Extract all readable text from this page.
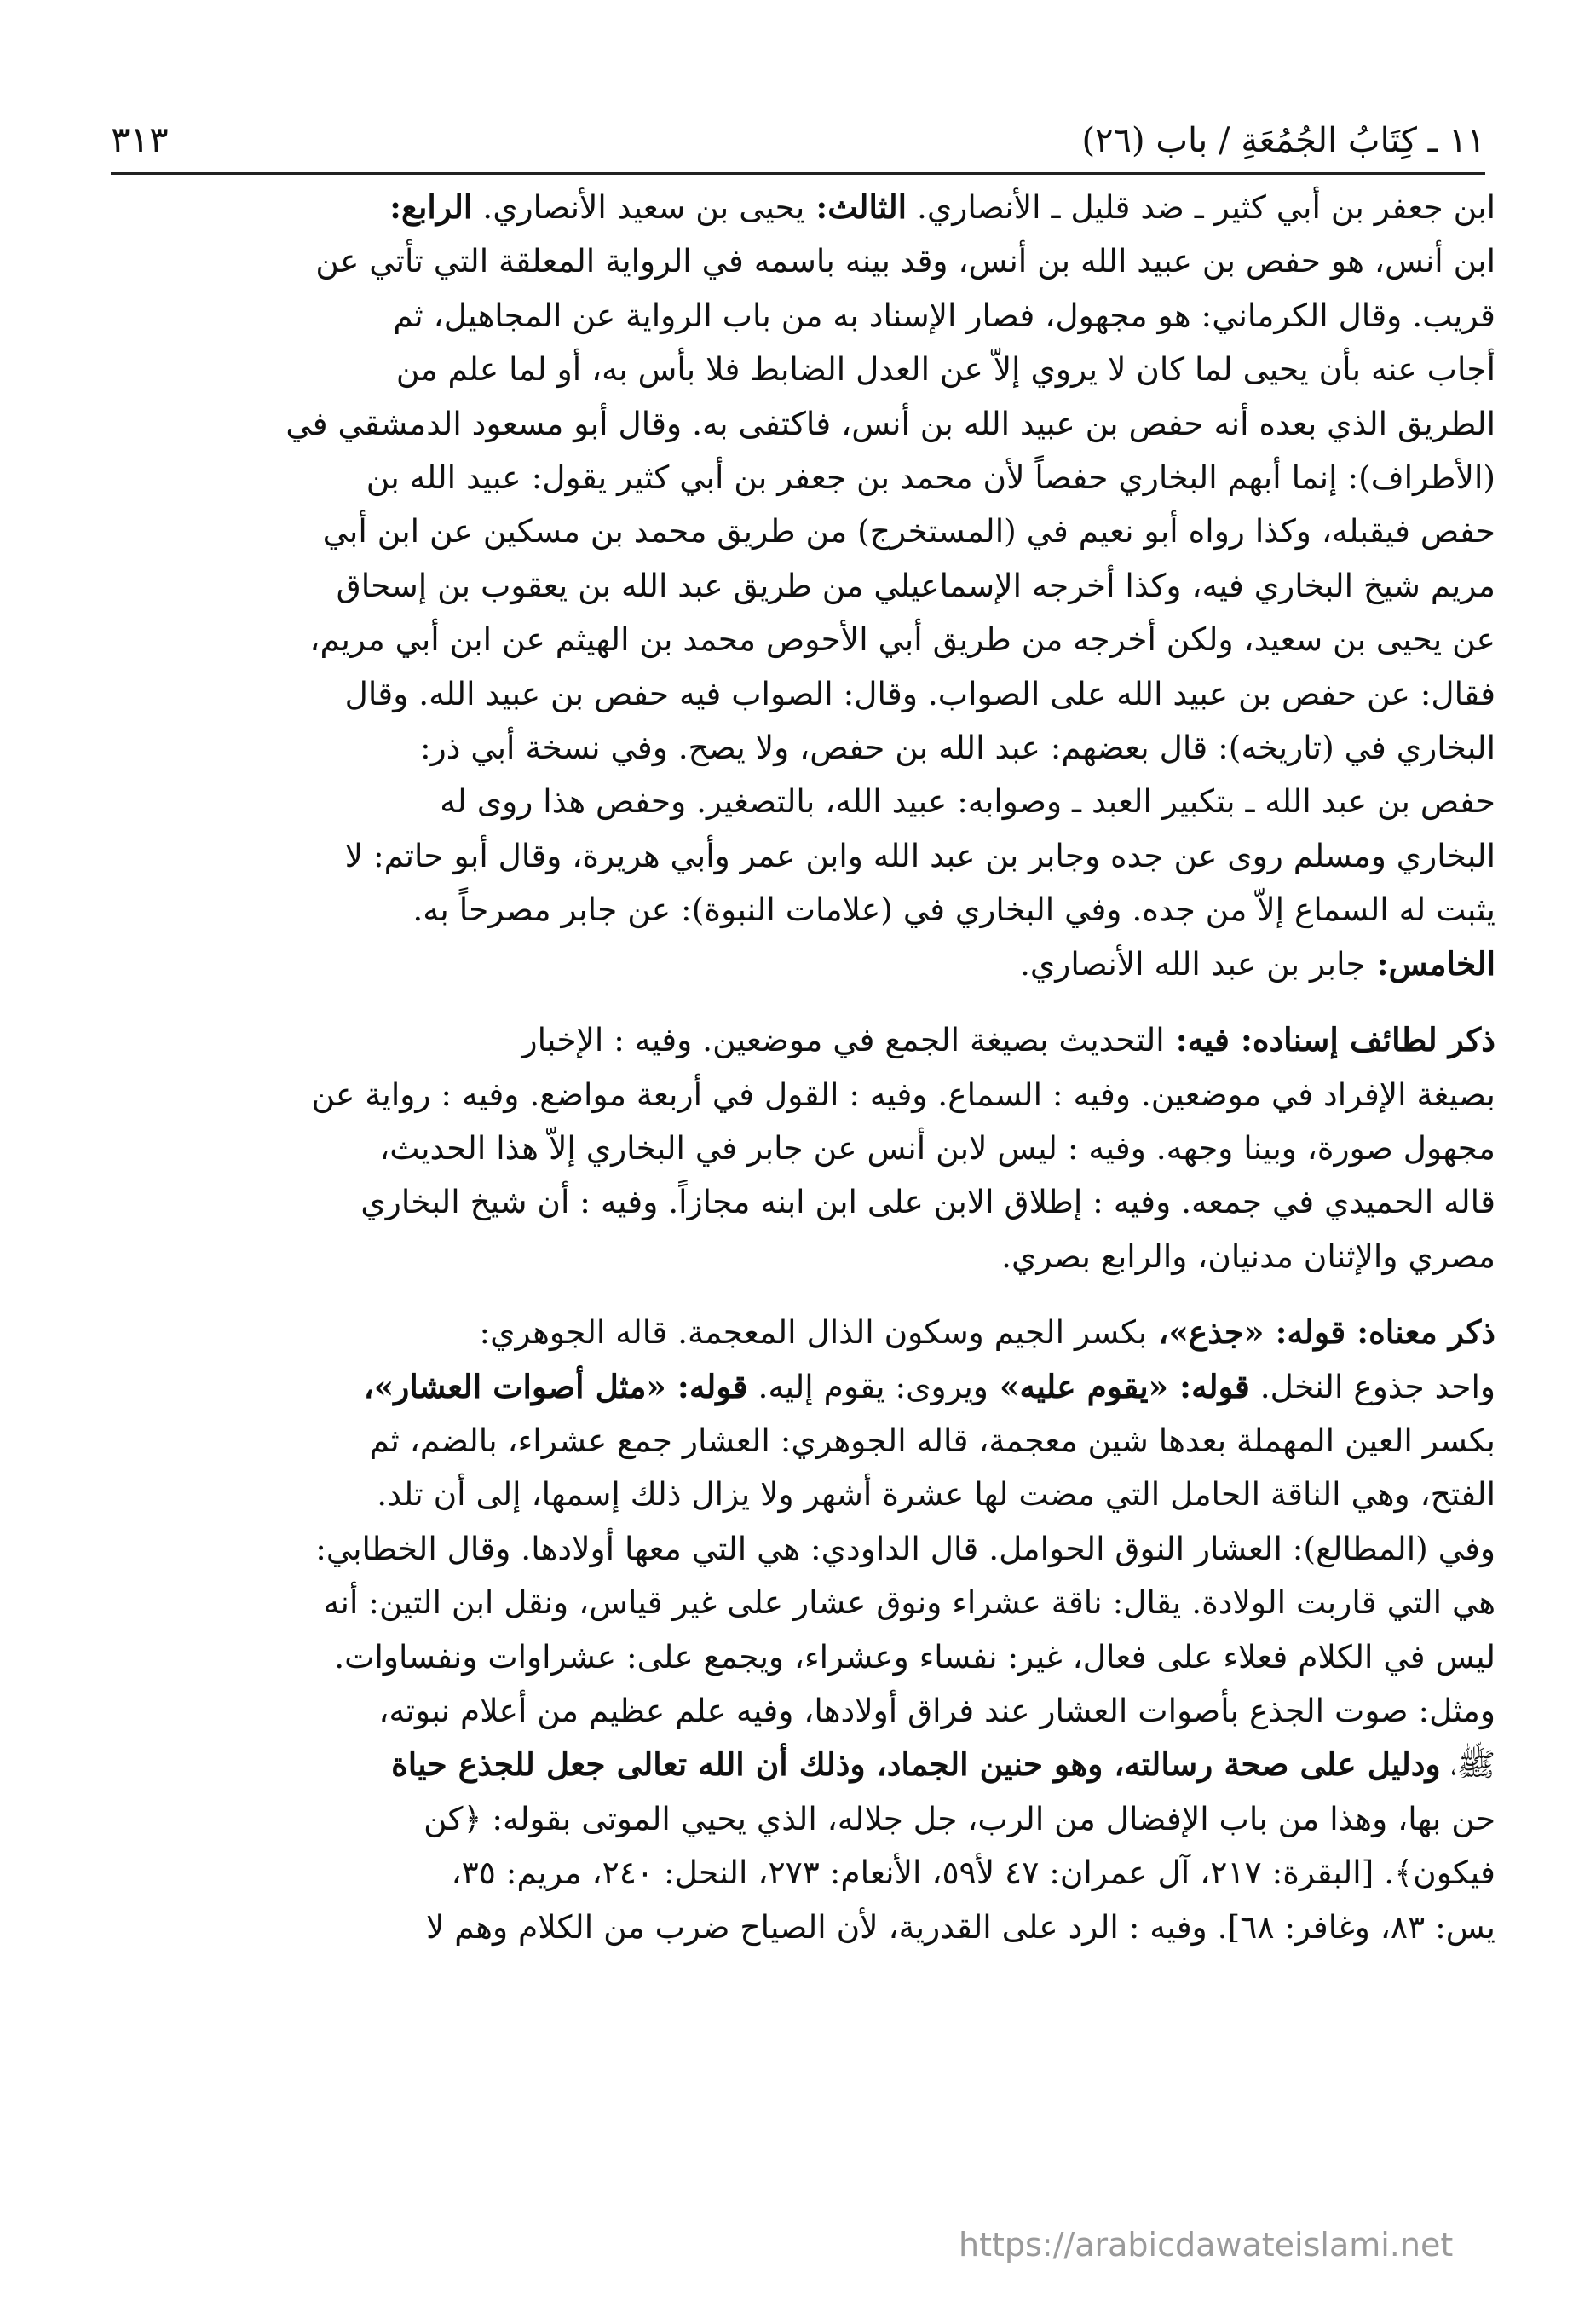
١١ ـ كِتَابُ الجُمُعَةِ / باب (٢٦)
٣١٣
ابن جعفر بن أبي كثير ـ ضد قليل ـ الأنصاري. الثالث: يحيى بن سعيد الأنصاري. الرابع:
ابن أنس، هو حفص بن عبيد الله بن أنس، وقد بينه باسمه في الرواية المعلقة التي تأتي عن
قريب. وقال الكرماني: هو مجهول، فصار الإسناد به من باب الرواية عن المجاهيل، ثم
أجاب عنه بأن يحيى لما كان لا يروي إلاّ عن العدل الضابط فلا بأس به، أو لما علم من
الطريق الذي بعده أنه حفص بن عبيد الله بن أنس، فاكتفى به. وقال أبو مسعود الدمشقي في
(الأطراف): إنما أبهم البخاري حفصاً لأن محمد بن جعفر بن أبي كثير يقول: عبيد الله بن
حفص فيقبله، وكذا رواه أبو نعيم في (المستخرج) من طريق محمد بن مسكين عن ابن أبي
مريم شيخ البخاري فيه، وكذا أخرجه الإسماعيلي من طريق عبد الله بن يعقوب بن إسحاق
عن يحيى بن سعيد، ولكن أخرجه من طريق أبي الأحوص محمد بن الهيثم عن ابن أبي مريم،
فقال: عن حفص بن عبيد الله على الصواب. وقال: الصواب فيه حفص بن عبيد الله. وقال
البخاري في (تاريخه): قال بعضهم: عبد الله بن حفص، ولا يصح. وفي نسخة أبي ذر:
حفص بن عبد الله ـ بتكبير العبد ـ وصوابه: عبيد الله، بالتصغير. وحفص هذا روى له
البخاري ومسلم روى عن جده وجابر بن عبد الله وابن عمر وأبي هريرة، وقال أبو حاتم: لا
يثبت له السماع إلاّ من جده. وفي البخاري في (علامات النبوة): عن جابر مصرحاً به.
الخامس: جابر بن عبد الله الأنصاري.
ذكر لطائف إسناده: فيه: التحديث بصيغة الجمع في موضعين. وفيه : الإخبار
بصيغة الإفراد في موضعين. وفيه : السماع. وفيه : القول في أربعة مواضع. وفيه : رواية عن
مجهول صورة، وبينا وجهه. وفيه : ليس لابن أنس عن جابر في البخاري إلاّ هذا الحديث،
قاله الحميدي في جمعه. وفيه : إطلاق الابن على ابن ابنه مجازاً. وفيه : أن شيخ البخاري
مصري والإثنان مدنيان، والرابع بصري.
ذكر معناه: قوله: «جذع»، بكسر الجيم وسكون الذال المعجمة. قاله الجوهري:
واحد جذوع النخل. قوله: «يقوم عليه» ويروى: يقوم إليه. قوله: «مثل أصوات العشار»،
بكسر العين المهملة بعدها شين معجمة، قاله الجوهري: العشار جمع عشراء، بالضم، ثم
الفتح، وهي الناقة الحامل التي مضت لها عشرة أشهر ولا يزال ذلك إسمها، إلى أن تلد.
وفي (المطالع): العشار النوق الحوامل. قال الداودي: هي التي معها أولادها. وقال الخطابي:
هي التي قاربت الولادة. يقال: ناقة عشراء ونوق عشار على غير قياس، ونقل ابن التين: أنه
ليس في الكلام فعلاء على فعال، غير: نفساء وعشراء، ويجمع على: عشراوات ونفساوات.
ومثل: صوت الجذع بأصوات العشار عند فراق أولادها، وفيه علم عظيم من أعلام نبوته،
ﷺ، ودليل على صحة رسالته، وهو حنين الجماد، وذلك أن الله تعالى جعل للجذع حياة
حن بها، وهذا من باب الإفضال من الرب، جل جلاله، الذي يحيي الموتى بقوله: ﴿كن
فيكون﴾. [البقرة: ٢١٧، آل عمران: ٤٧ لأ٥٩، الأنعام: ٢٧٣، النحل: ٢٤٠، مريم: ٣٥،
يس: ٨٣، وغافر: ٦٨]. وفيه : الرد على القدرية، لأن الصياح ضرب من الكلام وهم لا
https://arabicdawateislami.net
